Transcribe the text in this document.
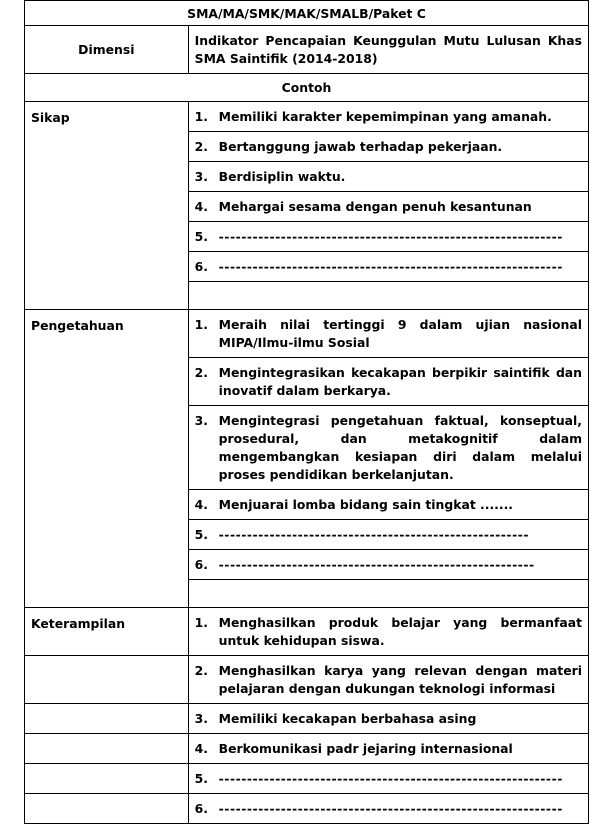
SMA/MA/SMK/MAK/SMALB/Paket C	
Dimensi	Indikator Pencapaian Keunggulan Mutu Lulusan Khas SMA Saintifik (2014-2018)
Contoh	
Sikap	1. Memiliki karakter kepemimpinan yang amanah.

	2. Bertanggung jawab terhadap pekerjaan.

	3. Berdisiplin waktu.

	4. Mehargai sesama dengan penuh kesantunan

	5. -------------------------------------------------------------

	6. -------------------------------------------------------------

Pengetahuan	1. Meraih nilai tertinggi 9 dalam ujian nasional MIPA/Ilmu-ilmu Sosial

	2. Mengintegrasikan kecakapan berpikir saintifik dan inovatif dalam berkarya.

	3. Mengintegrasi pengetahuan faktual, konseptual, prosedural, dan metakognitif dalam mengembangkan kesiapan diri dalam melalui proses pendidikan berkelanjutan.

	4. Menjuarai lomba bidang sain tingkat .......

	5. -------------------------------------------------------

	6. --------------------------------------------------------

Keterampilan	1. Menghasilkan produk belajar yang bermanfaat untuk kehidupan siswa.

	2. Menghasilkan karya yang relevan dengan materi pelajaran dengan dukungan teknologi informasi

	3. Memiliki kecakapan berbahasa asing

	4. Berkomunikasi padr jejaring internasional

	5. -------------------------------------------------------------

	6. -------------------------------------------------------------
